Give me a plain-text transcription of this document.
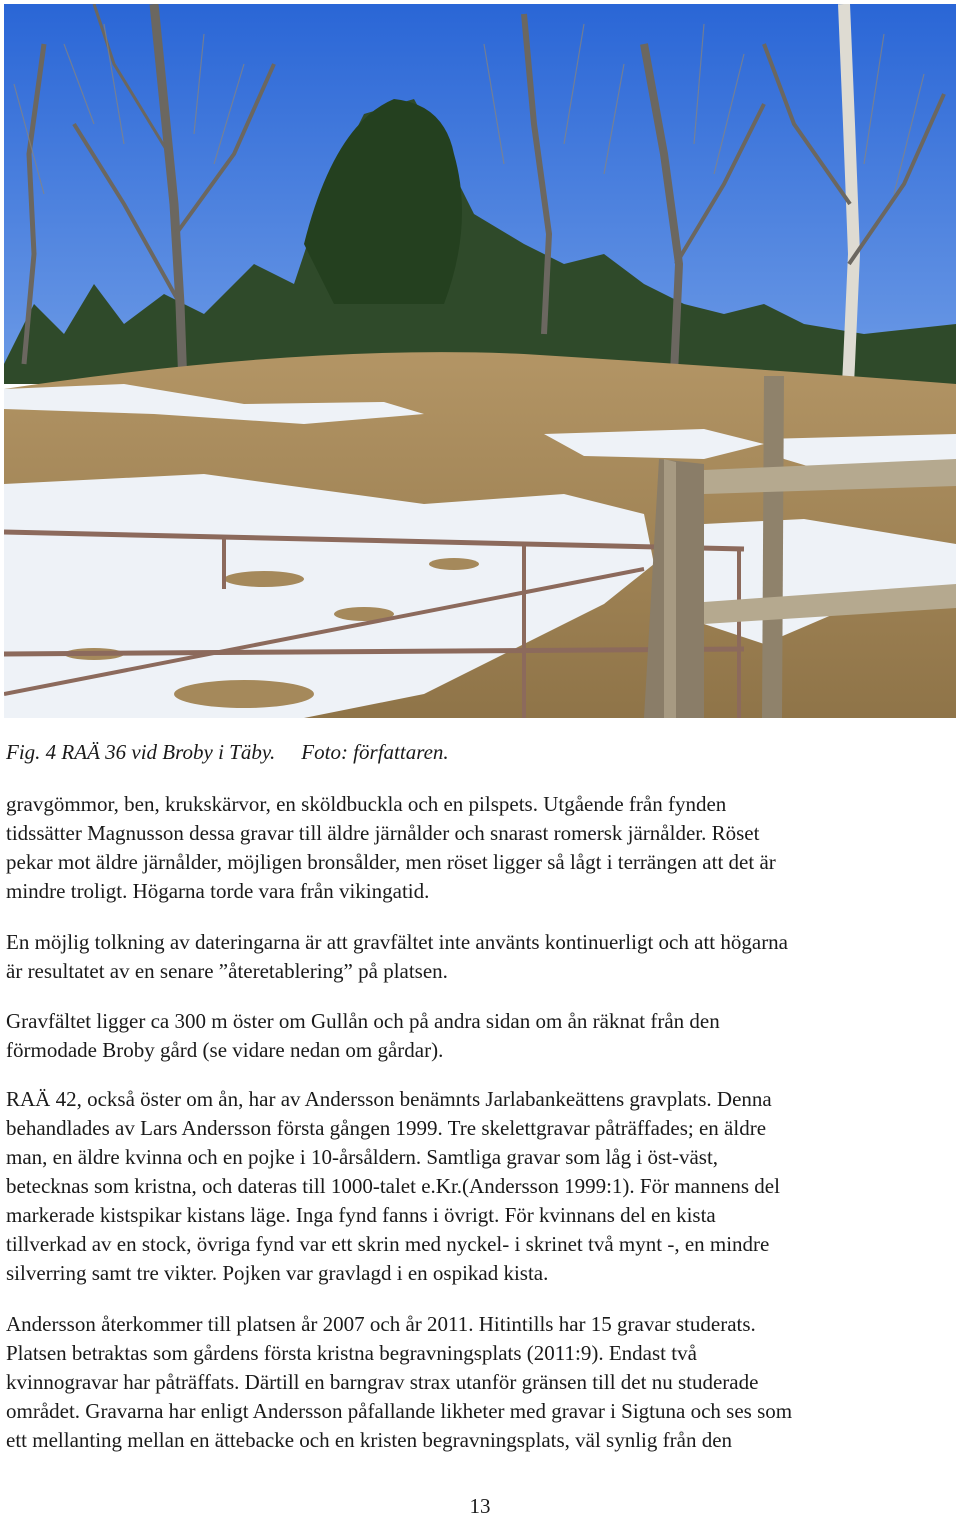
Fig. 4 RAÄ 36 vid Broby i Täby. Foto: författaren.

gravgömmor, ben, krukskärvor, en sköldbuckla och en pilspets. Utgående från fynden
tidssätter Magnusson dessa gravar till äldre järnålder och snarast romersk järnålder. Röset
pekar mot äldre järnålder, möjligen bronsålder, men röset ligger så lågt i terrängen att det är
mindre troligt. Högarna torde vara från vikingatid.

En möjlig tolkning av dateringarna är att gravfältet inte använts kontinuerligt och att högarna
är resultatet av en senare ”återetablering” på platsen.

Gravfältet ligger ca 300 m öster om Gullån och på andra sidan om ån räknat från den
förmodade Broby gård (se vidare nedan om gårdar).

RAÄ 42, också öster om ån, har av Andersson benämnts Jarlabankeättens gravplats. Denna
behandlades av Lars Andersson första gången 1999. Tre skelettgravar påträffades; en äldre
man, en äldre kvinna och en pojke i 10-årsåldern. Samtliga gravar som låg i öst-väst,
betecknas som kristna, och dateras till 1000-talet e.Kr.(Andersson 1999:1). För mannens del
markerade kistspikar kistans läge. Inga fynd fanns i övrigt. För kvinnans del en kista
tillverkad av en stock, övriga fynd var ett skrin med nyckel- i skrinet två mynt -, en mindre
silverring samt tre vikter. Pojken var gravlagd i en ospikad kista.

Andersson återkommer till platsen år 2007 och år 2011. Hitintills har 15 gravar studerats.
Platsen betraktas som gårdens första kristna begravningsplats (2011:9). Endast två
kvinnogravar har påträffats. Därtill en barngrav strax utanför gränsen till det nu studerade
området. Gravarna har enligt Andersson påfallande likheter med gravar i Sigtuna och ses som
ett mellanting mellan en ättebacke och en kristen begravningsplats, väl synlig från den

13
